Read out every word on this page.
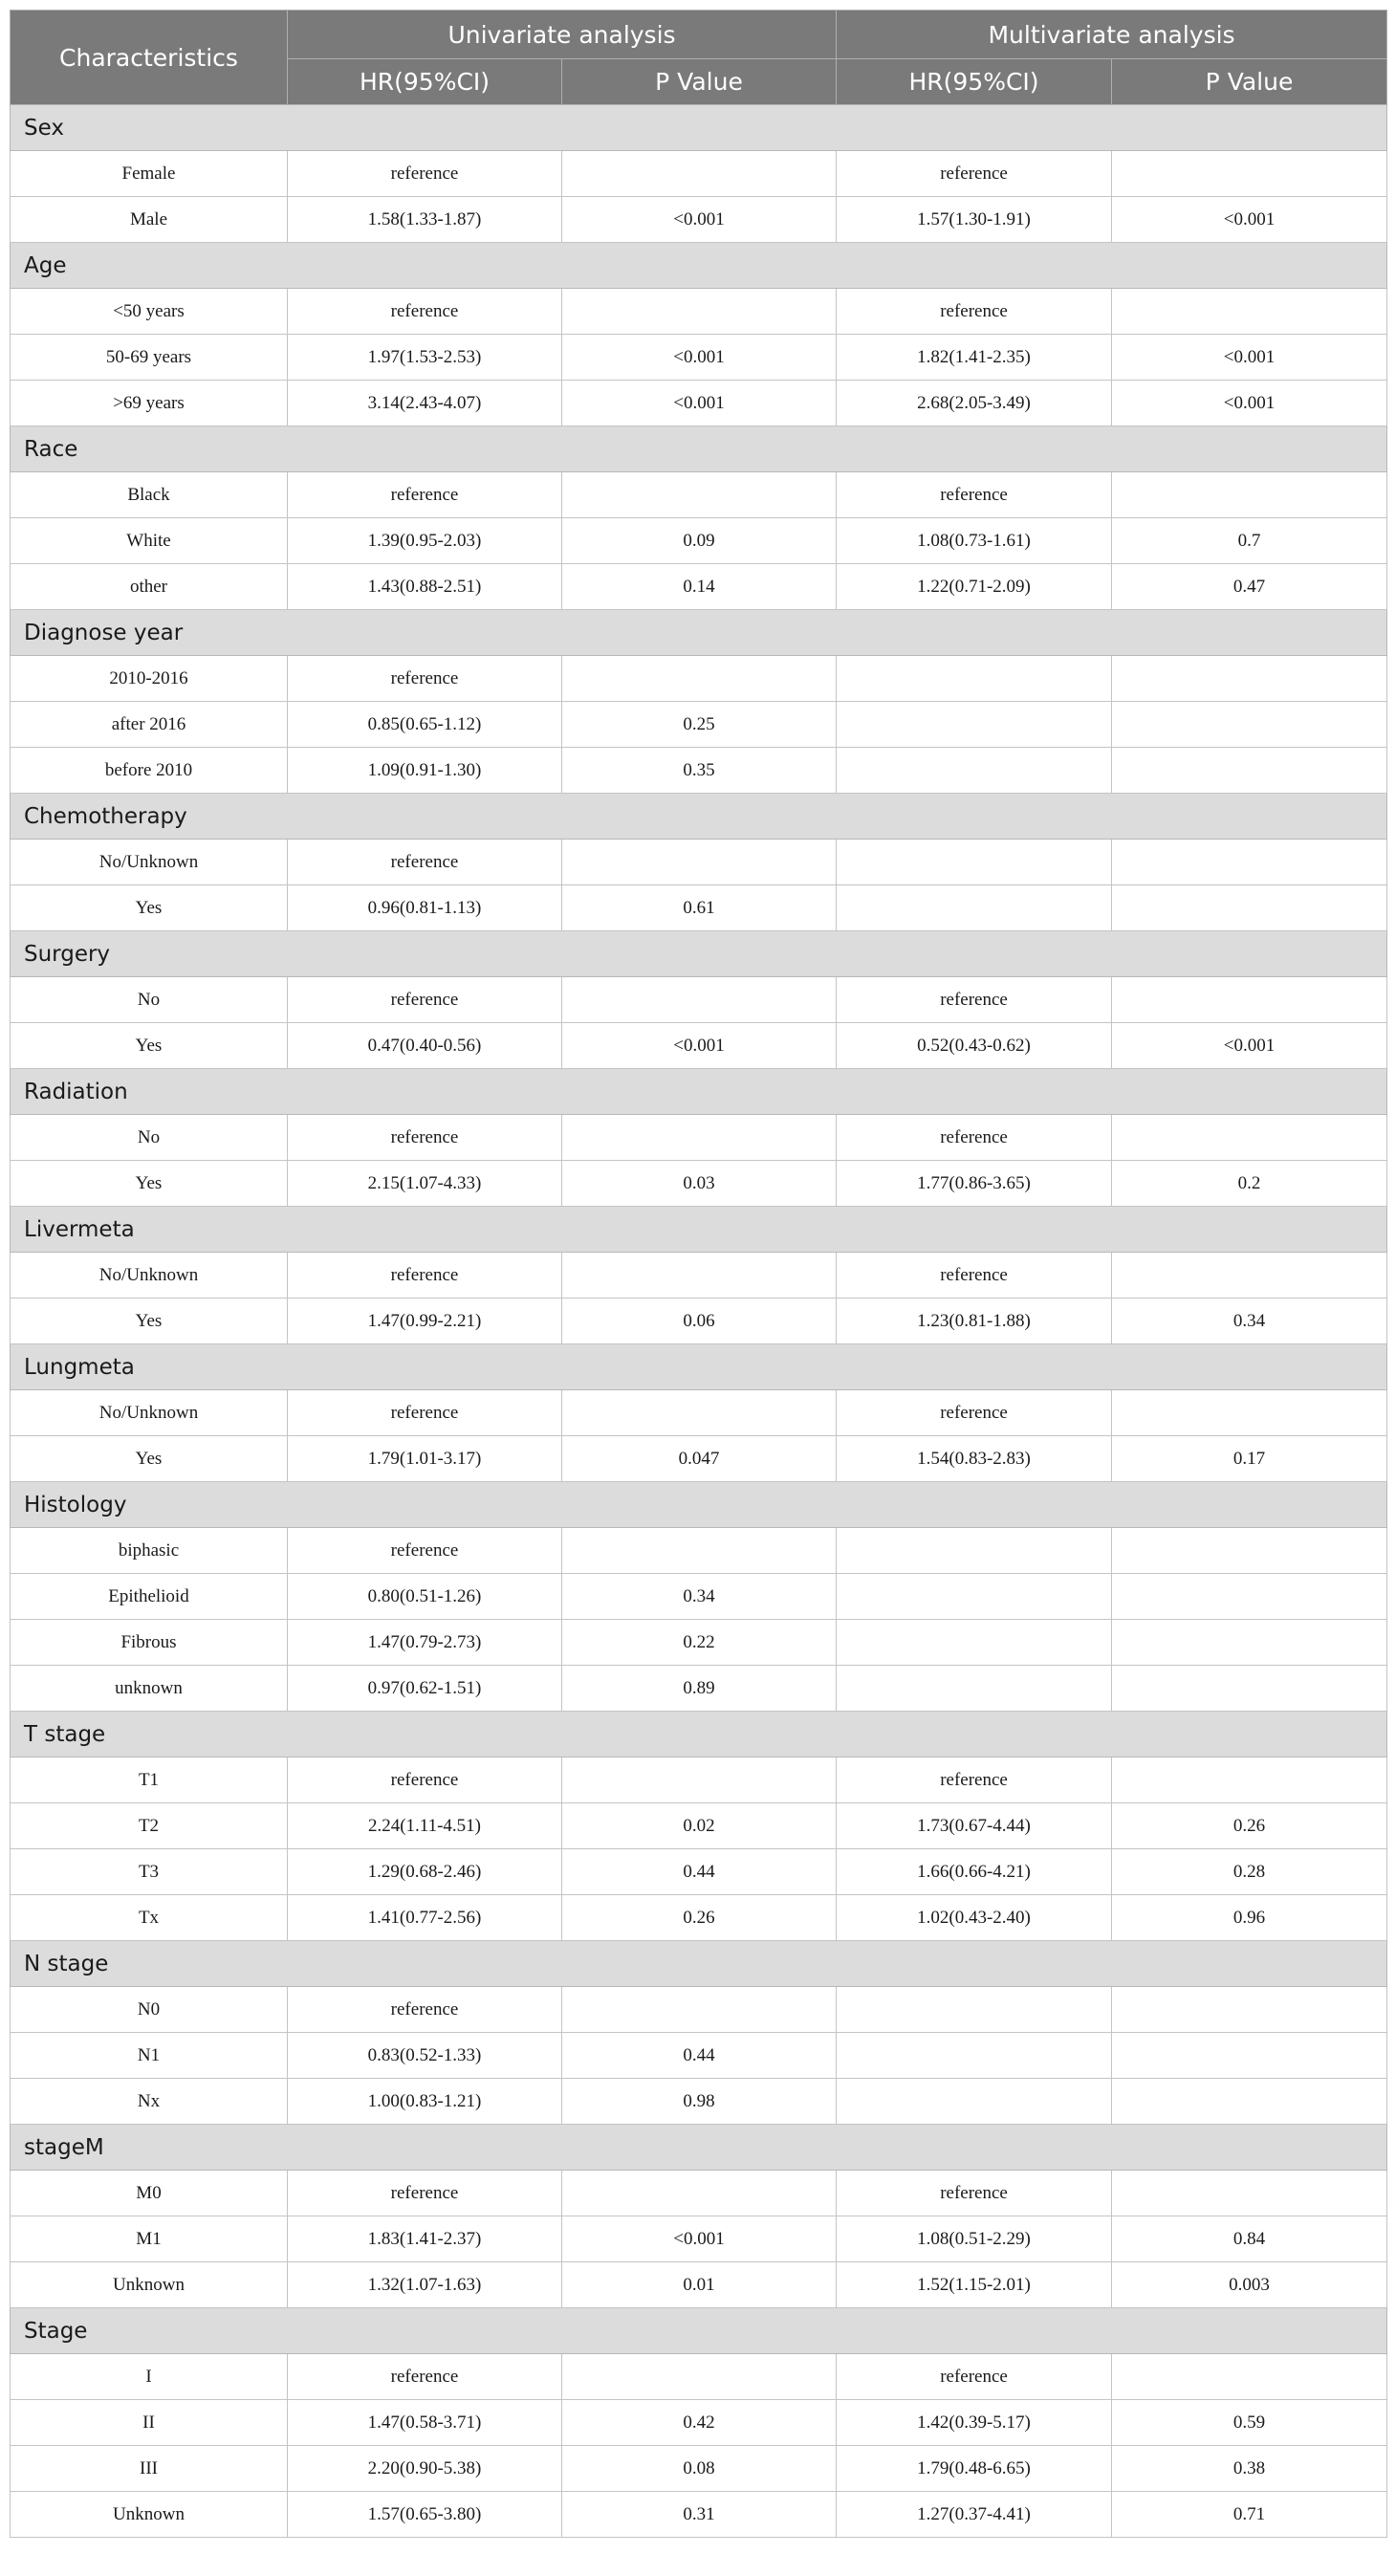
Characteristics	Univariate analysis		Multivariate analysis	
	HR(95%CI)	P Value	HR(95%CI)	P Value
Sex				
Female	reference		reference	
Male	1.58(1.33-1.87)	<0.001	1.57(1.30-1.91)	<0.001
Age				
<50 years	reference		reference	
50-69 years	1.97(1.53-2.53)	<0.001	1.82(1.41-2.35)	<0.001
>69 years	3.14(2.43-4.07)	<0.001	2.68(2.05-3.49)	<0.001
Race				
Black	reference		reference	
White	1.39(0.95-2.03)	0.09	1.08(0.73-1.61)	0.7
other	1.43(0.88-2.51)	0.14	1.22(0.71-2.09)	0.47
Diagnose year				
2010-2016	reference			
after 2016	0.85(0.65-1.12)	0.25		
before 2010	1.09(0.91-1.30)	0.35		
Chemotherapy				
No/Unknown	reference			
Yes	0.96(0.81-1.13)	0.61		
Surgery				
No	reference		reference	
Yes	0.47(0.40-0.56)	<0.001	0.52(0.43-0.62)	<0.001
Radiation				
No	reference		reference	
Yes	2.15(1.07-4.33)	0.03	1.77(0.86-3.65)	0.2
Livermeta				
No/Unknown	reference		reference	
Yes	1.47(0.99-2.21)	0.06	1.23(0.81-1.88)	0.34
Lungmeta				
No/Unknown	reference		reference	
Yes	1.79(1.01-3.17)	0.047	1.54(0.83-2.83)	0.17
Histology				
biphasic	reference			
Epithelioid	0.80(0.51-1.26)	0.34		
Fibrous	1.47(0.79-2.73)	0.22		
unknown	0.97(0.62-1.51)	0.89		
T stage				
T1	reference		reference	
T2	2.24(1.11-4.51)	0.02	1.73(0.67-4.44)	0.26
T3	1.29(0.68-2.46)	0.44	1.66(0.66-4.21)	0.28
Tx	1.41(0.77-2.56)	0.26	1.02(0.43-2.40)	0.96
N stage				
N0	reference			
N1	0.83(0.52-1.33)	0.44		
Nx	1.00(0.83-1.21)	0.98		
stageM				
M0	reference		reference	
M1	1.83(1.41-2.37)	<0.001	1.08(0.51-2.29)	0.84
Unknown	1.32(1.07-1.63)	0.01	1.52(1.15-2.01)	0.003
Stage				
I	reference		reference	
II	1.47(0.58-3.71)	0.42	1.42(0.39-5.17)	0.59
III	2.20(0.90-5.38)	0.08	1.79(0.48-6.65)	0.38
Unknown	1.57(0.65-3.80)	0.31	1.27(0.37-4.41)	0.71
